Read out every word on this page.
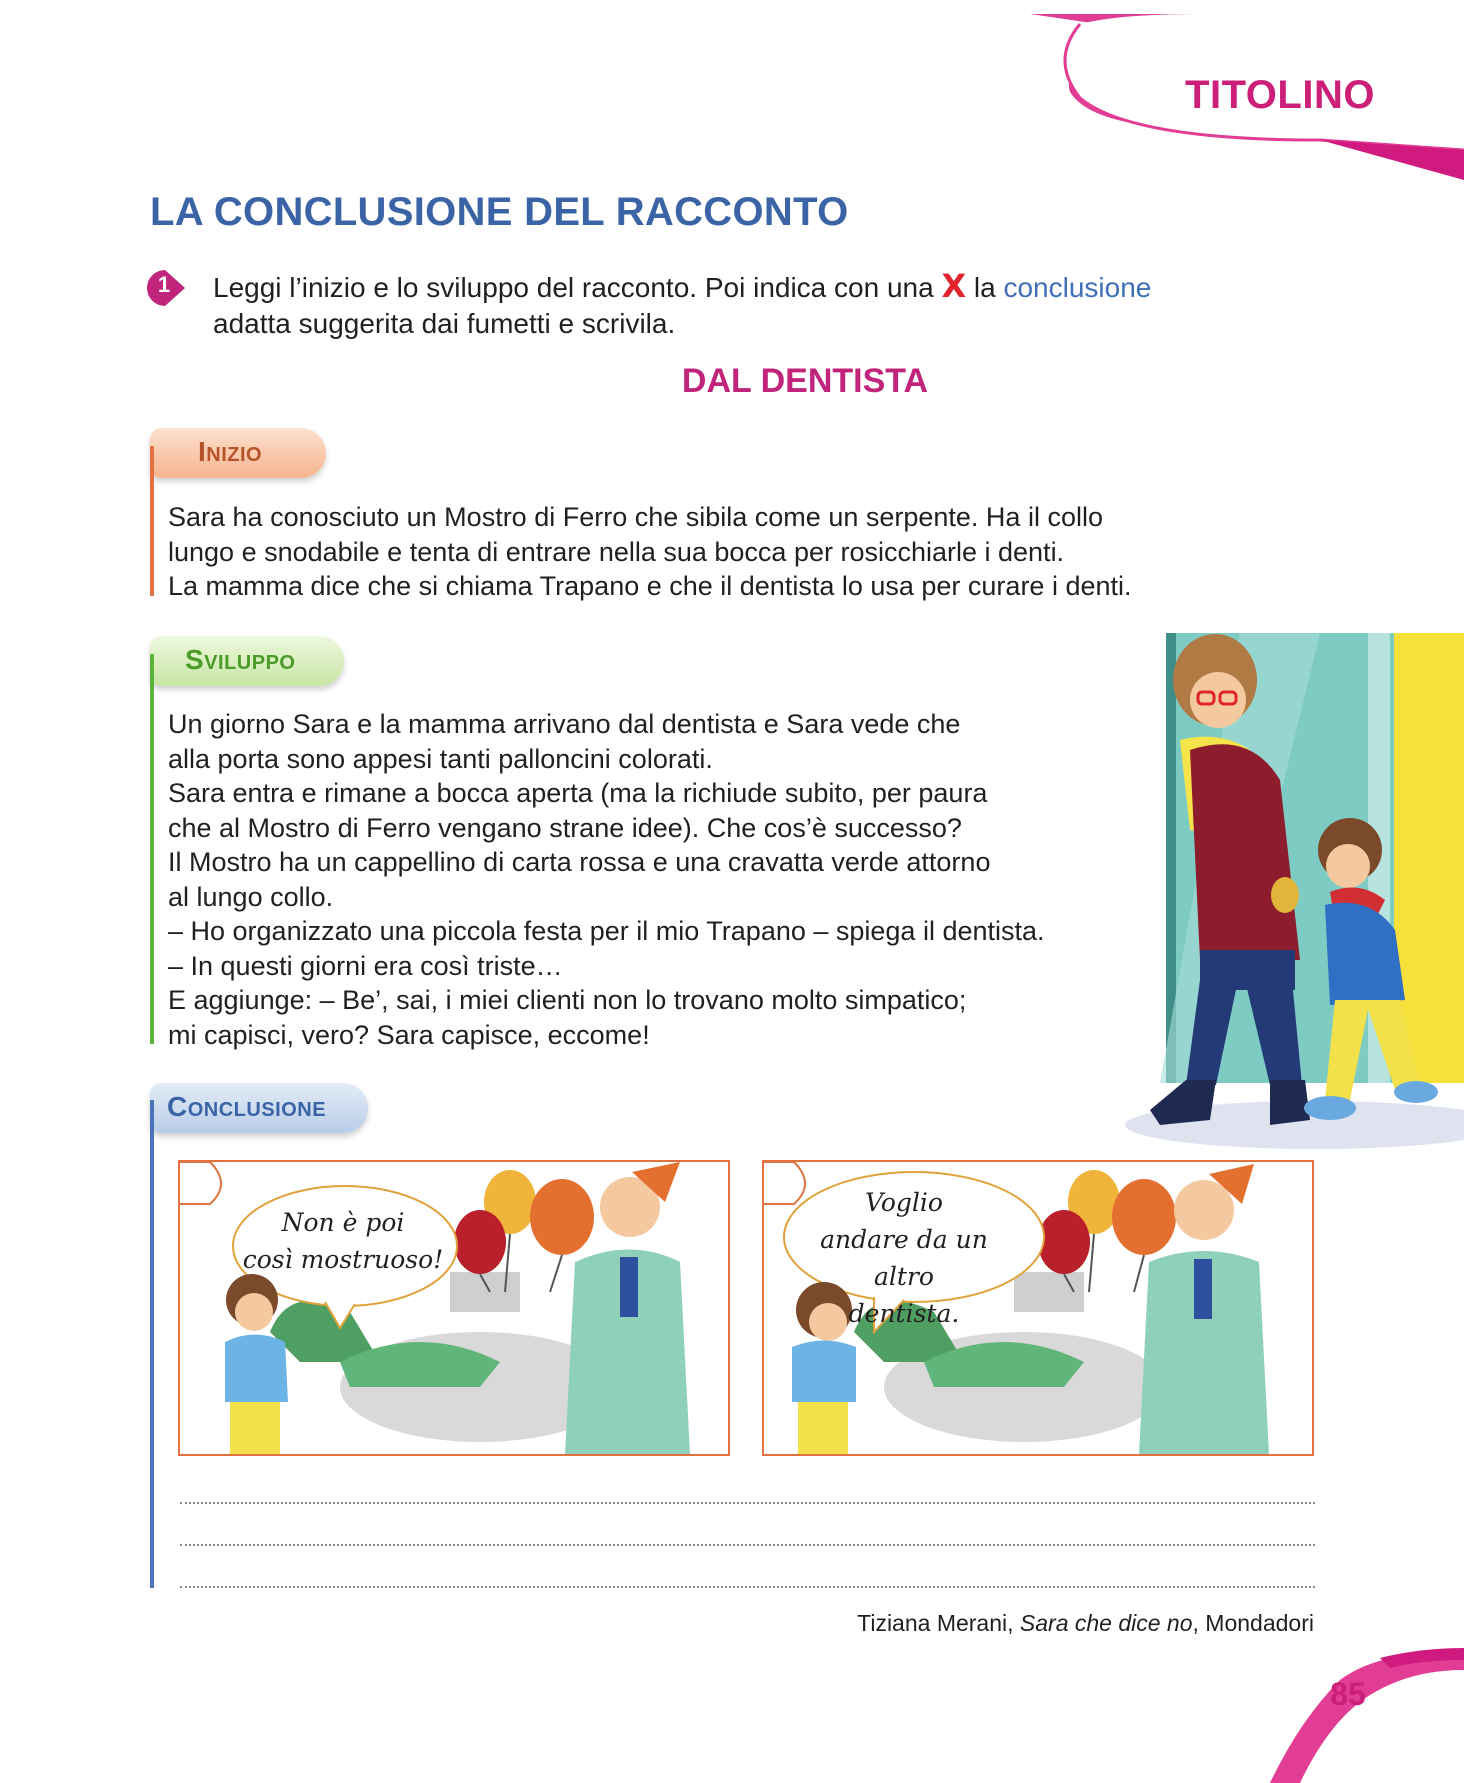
TITOLINO
LA CONCLUSIONE DEL RACCONTO
1 Leggi l’inizio e lo sviluppo del racconto. Poi indica con una X la conclusione
adatta suggerita dai fumetti e scrivila.
DAL DENTISTA
Inizio
Sara ha conosciuto un Mostro di Ferro che sibila come un serpente. Ha il collo
lungo e snodabile e tenta di entrare nella sua bocca per rosicchiarle i denti.
La mamma dice che si chiama Trapano e che il dentista lo usa per curare i denti.
Sviluppo
Un giorno Sara e la mamma arrivano dal dentista e Sara vede che
alla porta sono appesi tanti palloncini colorati.
Sara entra e rimane a bocca aperta (ma la richiude subito, per paura
che al Mostro di Ferro vengano strane idee). Che cos’è successo?
Il Mostro ha un cappellino di carta rossa e una cravatta verde attorno
al lungo collo.
– Ho organizzato una piccola festa per il mio Trapano – spiega il dentista.
– In questi giorni era così triste…
E aggiunge: – Be’, sai, i miei clienti non lo trovano molto simpatico;
mi capisci, vero? Sara capisce, eccome!
Conclusione
Non è poi
così mostruoso!
Voglio
andare da un altro
dentista.
Tiziana Merani, Sara che dice no, Mondadori
85
